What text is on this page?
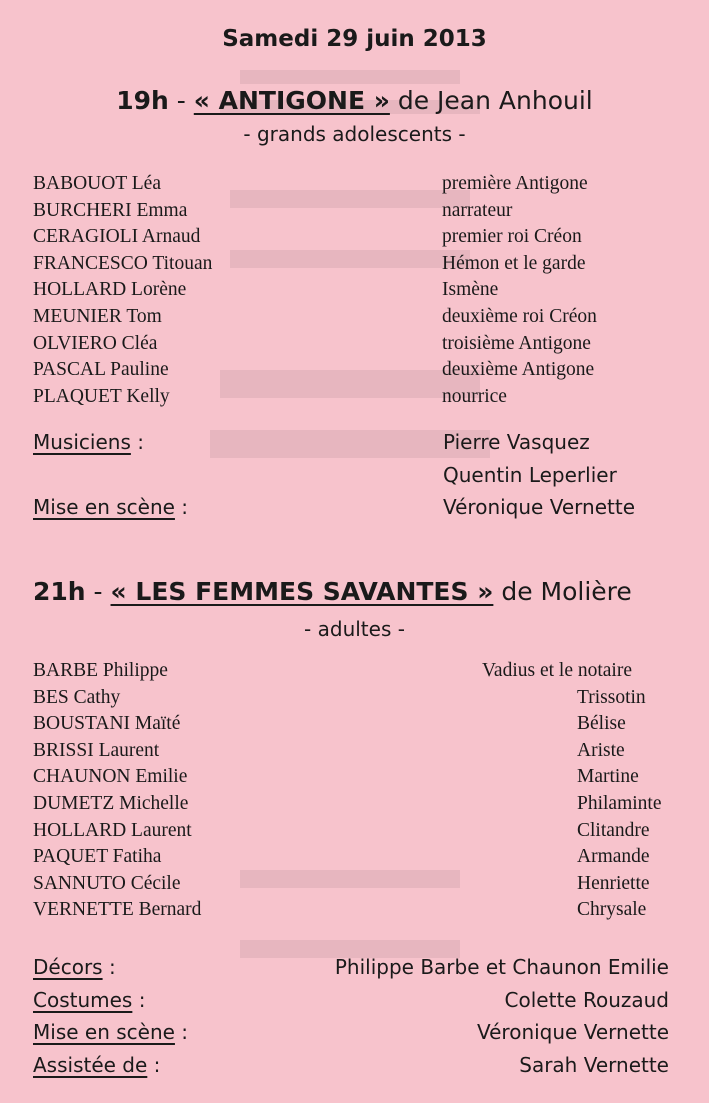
Samedi 29 juin 2013
19h - « ANTIGONE » de Jean Anhouil
- grands adolescents -
BABOUOT Léa	première Antigone
BURCHERI Emma	narrateur
CERAGIOLI Arnaud	premier roi Créon
FRANCESCO Titouan	Hémon et le garde
HOLLARD Lorène	Ismène
MEUNIER Tom	deuxième roi Créon
OLVIERO Cléa	troisième Antigone
PASCAL Pauline	deuxième Antigone
PLAQUET Kelly	nourrice
Musiciens :	Pierre Vasquez
Quentin Leperlier
Mise en scène :	Véronique Vernette
21h - « LES FEMMES SAVANTES » de Molière
- adultes -
BARBE Philippe	Vadius et le notaire
BES Cathy	Trissotin
BOUSTANI Maïté	Bélise
BRISSI Laurent	Ariste
CHAUNON Emilie	Martine
DUMETZ Michelle	Philaminte
HOLLARD Laurent	Clitandre
PAQUET Fatiha	Armande
SANNUTO Cécile	Henriette
VERNETTE Bernard	Chrysale
Décors :	Philippe Barbe et Chaunon Emilie
Costumes :	Colette Rouzaud
Mise en scène :	Véronique Vernette
Assistée de :	Sarah Vernette
